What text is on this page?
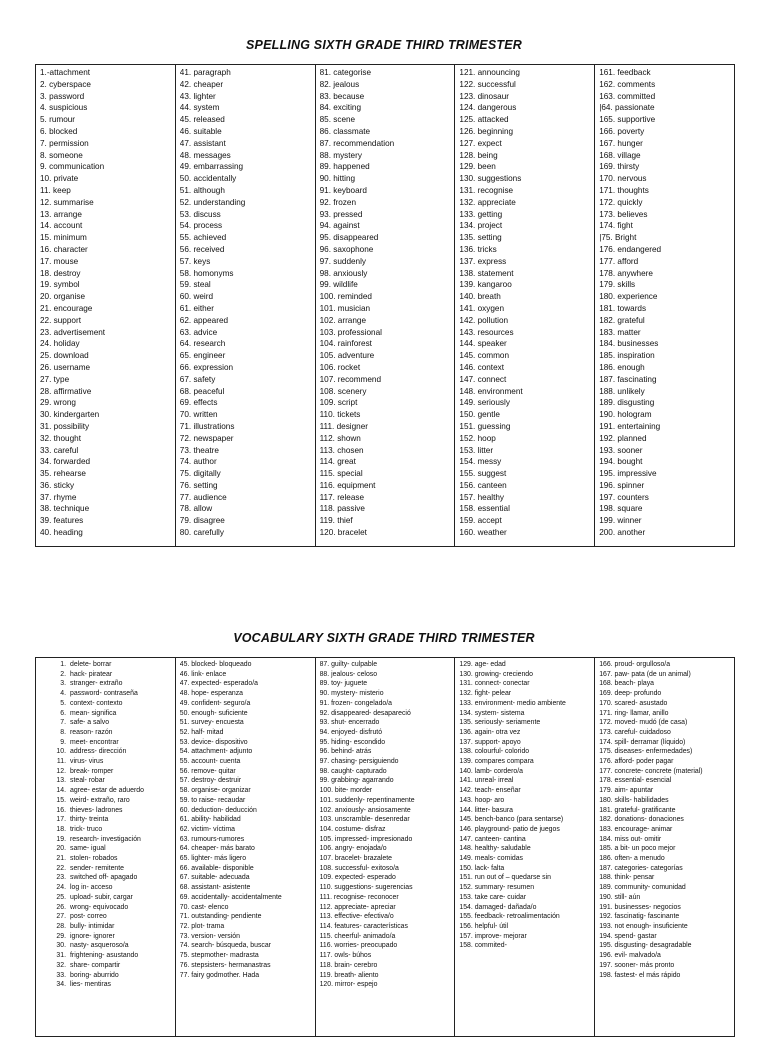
SPELLING SIXTH GRADE THIRD TRIMESTER
1.-attachment
2. cyberspace
3. password
4. suspicious
5. rumour
6. blocked
7. permission
8. someone
9. communication
10. private
11. keep
12. summarise
13. arrange
14. account
15. minimum
16. character
17. mouse
18. destroy
19. symbol
20. organise
21. encourage
22. support
23. advertisement
24. holiday
25. download
26. username
27. type
28. affirmative
29. wrong
30. kindergarten
31. possibility
32. thought
33. careful
34. forwarded
35. rehearse
36. sticky
37. rhyme
38. technique
39. features
40. heading
41. paragraph
42. cheaper
43. lighter
44. system
45. released
46. suitable
47. assistant
48. messages
49. embarrassing
50. accidentally
51. although
52. understanding
53. discuss
54. process
55. achieved
56. received
57. keys
58. homonyms
59. steal
60. weird
61. either
62. appeared
63. advice
64. research
65. engineer
66. expression
67. safety
68. peaceful
69. effects
70. written
71. illustrations
72. newspaper
73. theatre
74. author
75. digitally
76. setting
77. audience
78. allow
79. disagree
80. carefully
81. categorise
82. jealous
83. because
84. exciting
85. scene
86. classmate
87. recommendation
88. mystery
89. happened
90. hitting
91. keyboard
92. frozen
93. pressed
94. against
95. disappeared
96. saxophone
97. suddenly
98. anxiously
99. wildlife
100. reminded
101. musician
102. arrange
103. professional
104. rainforest
105. adventure
106. rocket
107. recommend
108. scenery
109. script
110. tickets
111. designer
112. shown
113. chosen
114. great
115. special
116. equipment
117. release
118. passive
119. thief
120. bracelet
121. announcing
122. successful
123. dinosaur
124. dangerous
125. attacked
126. beginning
127. expect
128. being
129. been
130. suggestions
131. recognise
132. appreciate
133. getting
134. project
135. setting
136. tricks
137. express
138. statement
139. kangaroo
140. breath
141. oxygen
142. pollution
143. resources
144. speaker
145. common
146. context
147. connect
148. environment
149. seriously
150. gentle
151. guessing
152. hoop
153. litter
154. messy
155. suggest
156. canteen
157. healthy
158. essential
159. accept
160. weather
161. feedback
162. comments
163. committed
|64. passionate
165. supportive
166. poverty
167. hunger
168. village
169. thirsty
170. nervous
171. thoughts
172. quickly
173. believes
174. fight
|75. Bright
176. endangered
177. afford
178. anywhere
179. skills
180. experience
181. towards
182. grateful
183. matter
184. businesses
185. inspiration
186. enough
187. fascinating
188. unlikely
189. disgusting
190. hologram
191. entertaining
192. planned
193. sooner
194. bought
195. impressive
196. spinner
197. counters
198. square
199. winner
200. another
VOCABULARY SIXTH GRADE THIRD TRIMESTER
1. delete- borrar
2. hack- piratear
3. stranger- extraño
4. password- contraseña
5. context- contexto
6. mean- significa
7. safe- a salvo
8. reason- razón
9. meet- encontrar
10. address- dirección
11. virus- virus
12. break- romper
13. steal- robar
14. agree- estar de aduerdo
15. weird- extraño, raro
16. thieves- ladrones
17. thirty- treinta
18. trick- truco
19. research- investigación
20. same- igual
21. stolen- robados
22. sender- remitente
23. switched off- apagado
24. log in- acceso
25. upload- subir, cargar
26. wrong- equivocado
27. post- correo
28. bully- intimidar
29. ignore- ignorer
30. nasty- asqueroso/a
31. frightening- asustando
32. share- compartir
33. boring- aburrido
34. lies- mentiras
45. blocked- bloqueado
46. link- enlace
47. expected- esperado/a
48. hope- esperanza
49. confident- seguro/a
50. enough- suficiente
51. survey- encuesta
52. half- mitad
53. device- dispositivo
54. attachment- adjunto
55. account- cuenta
56. remove- quitar
57. destroy- destruir
58. organise- organizar
59. to raise- recaudar
60. deduction- deducción
61. ability- habilidad
62. victim- víctima
63. rumours-rumores
64. cheaper- más barato
65. lighter- más ligero
66. available- disponible
67. suitable- adecuada
68. assistant- asistente
69. accidentally- accidentalmente
70. cast- elenco
71. outstanding- pendiente
72. plot- trama
73. version- versión
74. search- búsqueda, buscar
75. stepmother- madrasta
76. stepsisters- hermanastras
77. fairy godmother. Hada
87. guilty- culpable
88. jealous- celoso
89. toy- juguete
90. mystery- misterio
91. frozen- congelado/a
92. disappeared- desapareció
93. shut- encerrado
94. enjoyed- disfrutó
95. hiding- escondido
96. behind- atrás
97. chasing- persiguiendo
98. caught- capturado
99. grabbing- agarrando
100. bite- morder
101. suddenly- repentinamente
102. anxiously- ansiosamente
103. unscramble- desenredar
104. costume- disfraz
105. impressed- impresionado
106. angry- enojada/o
107. bracelet- brazalete
108. successful- exitoso/a
109. expected- esperado
110. suggestions- sugerencias
111. recognise- reconocer
112. appreciate- apreciar
113. effective- efectiva/o
114. features- características
115. cheerful- animado/a
116. worries- preocupado
117. owls- búhos
118. brain- cerebro
119. breath- aliento
120. mirror- espejo
129. age- edad
130. growing- creciendo
131. connect- conectar
132. fight- pelear
133. environment- medio ambiente
134. system- sistema
135. seriously- seriamente
136. again- otra vez
137. support- apoyo
138. colourful- colorido
139. compares compara
140. lamb- cordero/a
141. unreal- irreal
142. teach- enseñar
143. hoop- aro
144. litter- basura
145. bench-banco (para sentarse)
146. playground- patio de juegos
147. canteen- cantina
148. healthy- saludable
149. meals- comidas
150. lack- falta
151. run out of – quedarse sin
152. summary- resumen
153. take care- cuidar
154. damaged- dañada/o
155. feedback- retroalimentación
156. helpful- útil
157. improve- mejorar
158. commited-
166. proud- orgulloso/a
167. paw- pata (de un animal)
168. beach- playa
169. deep- profundo
170. scared- asustado
171. ring- llamar, anillo
172. moved- mudó (de casa)
173. careful- cuidadoso
174. spill- derramar (líquido)
175. diseases- enfermedades)
176. afford- poder pagar
177. concrete- concrete (material)
178. essential- esencial
179. aim- apuntar
180. skills- habilidades
181. grateful- gratificante
182. donations- donaciones
183. encourage- animar
184. miss out- omitir
185. a bit- un poco mejor
186. often- a menudo
187. categories- categorías
188. think- pensar
189. community- comunidad
190. still- aún
191. businesses- negocios
192. fascinatig- fascinante
193. not enough- insuficiente
194. spend- gastar
195. disgusting- desagradable
196. evil- malvado/a
197. sooner- más pronto
198. fastest- el más rápido
